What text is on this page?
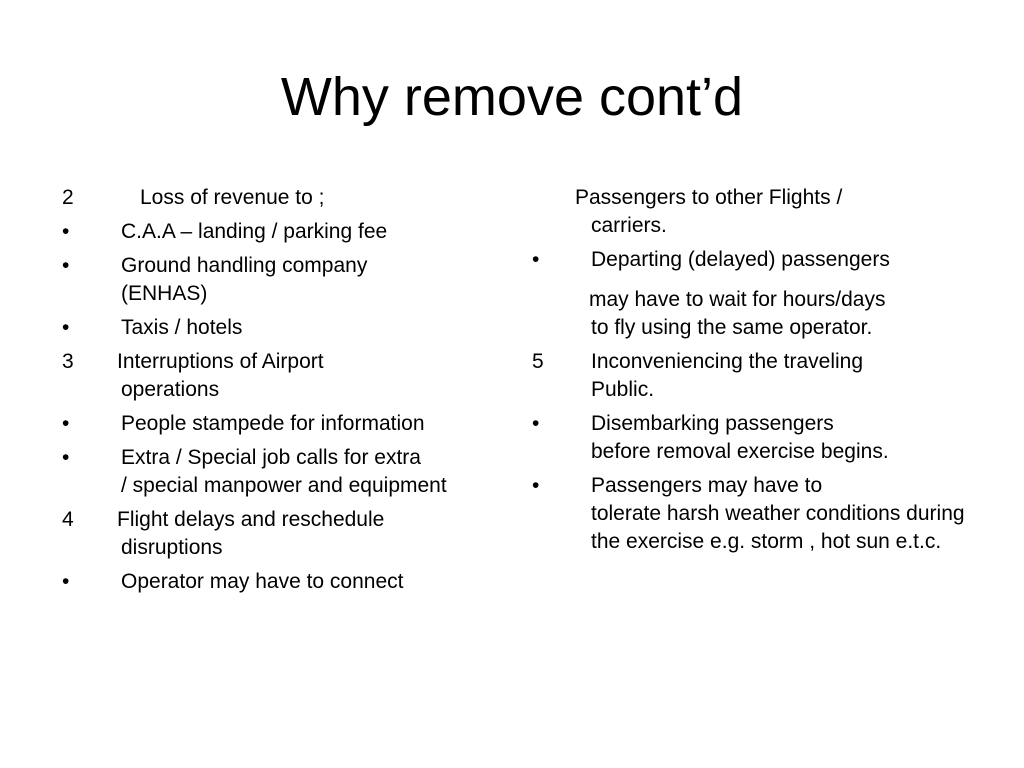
Why remove cont’d
2	Loss of revenue to ;
• C.A.A – landing / parking fee
• Ground handling company
(ENHAS)
• Taxis / hotels
3 Interruptions of Airport
operations
• People stampede for information
• Extra / Special job calls for extra
/ special manpower and equipment
4 Flight delays and reschedule
disruptions
• Operator may have to connect
Passengers to other Flights /
carriers.
• Departing (delayed) passengers
may have to wait for hours/days
to fly using the same operator.
5 Inconveniencing the traveling
Public.
• Disembarking passengers
before removal exercise begins.
• Passengers may have to
tolerate harsh weather conditions during the exercise e.g. storm , hot sun e.t.c.
